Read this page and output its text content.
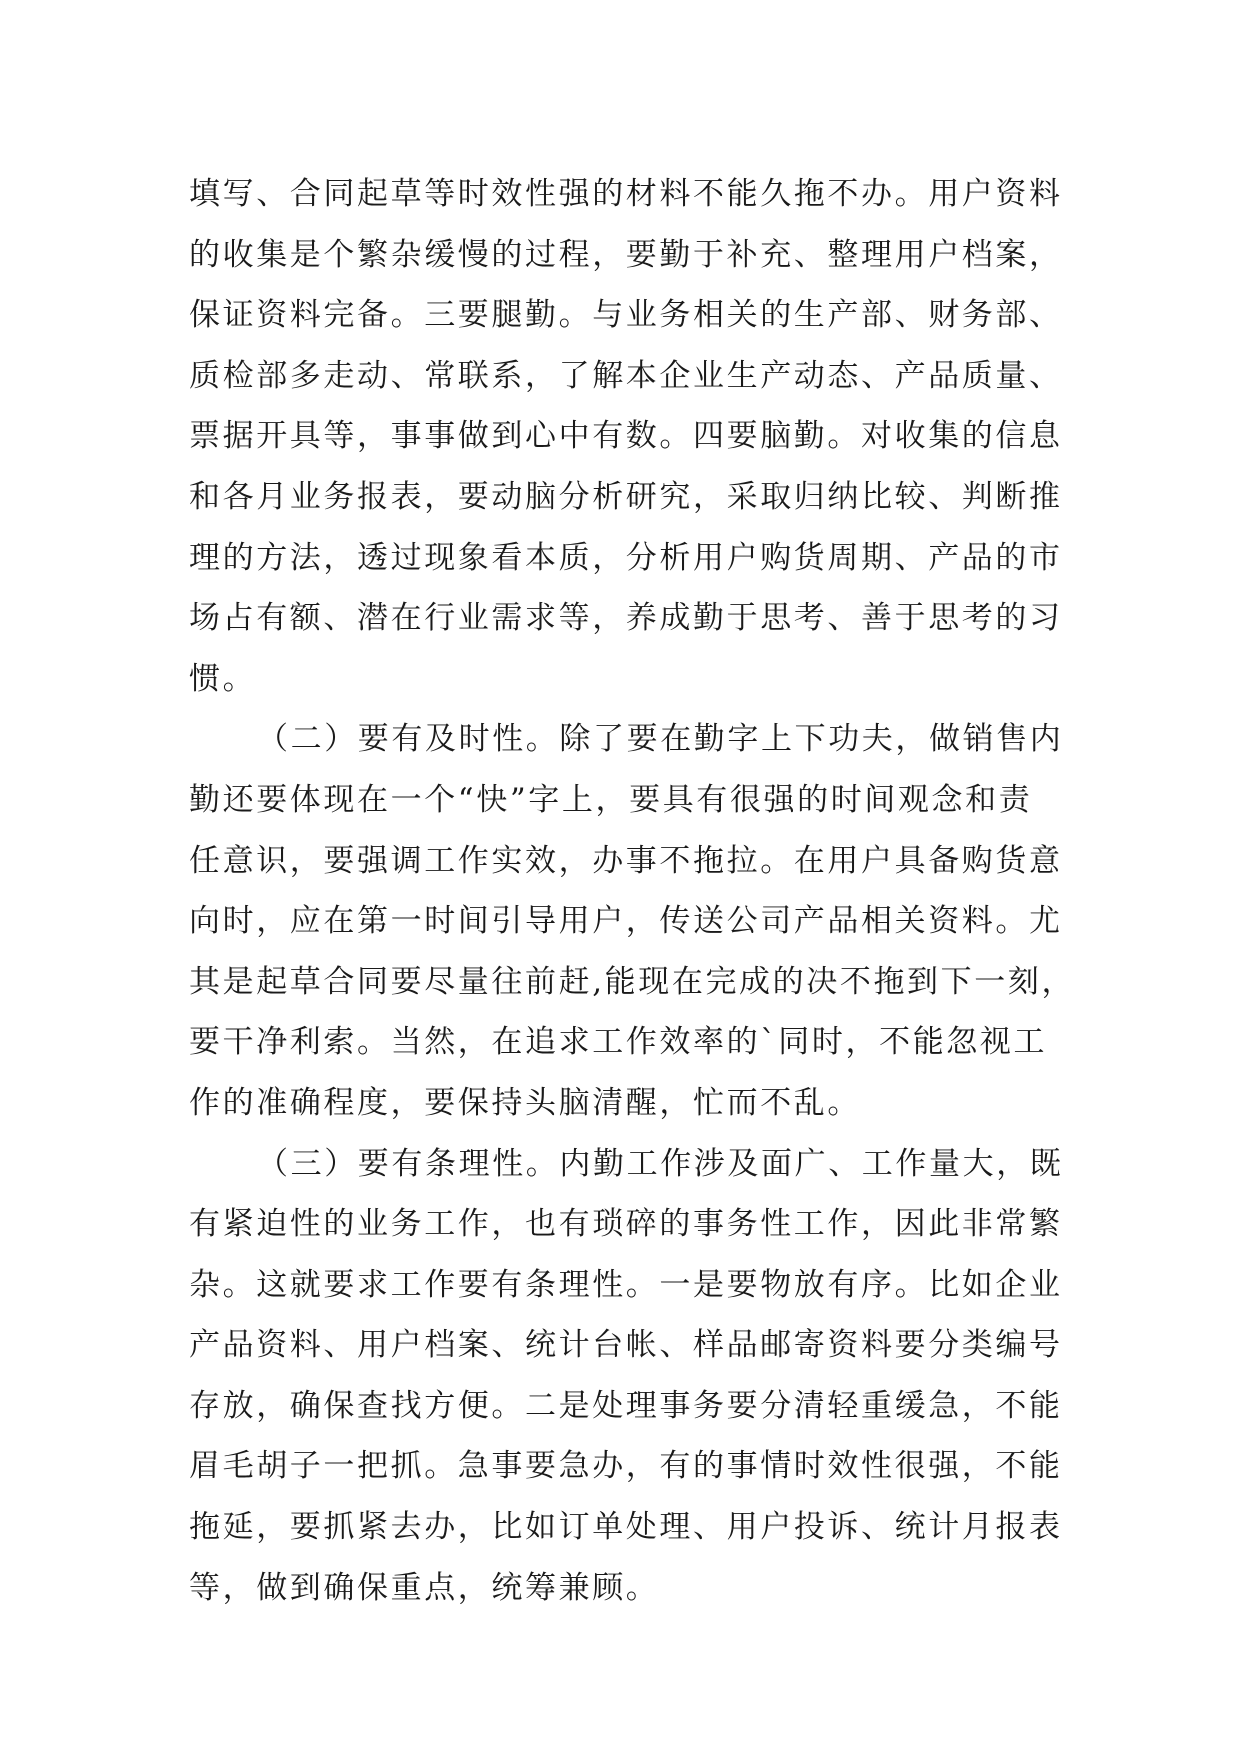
填写、合同起草等时效性强的材料不能久拖不办。用户资料
的收集是个繁杂缓慢的过程，要勤于补充、整理用户档案，
保证资料完备。三要腿勤。与业务相关的生产部、财务部、
质检部多走动、常联系，了解本企业生产动态、产品质量、
票据开具等，事事做到心中有数。四要脑勤。对收集的信息
和各月业务报表，要动脑分析研究，采取归纳比较、判断推
理的方法，透过现象看本质，分析用户购货周期、产品的市
场占有额、潜在行业需求等，养成勤于思考、善于思考的习
惯。
（二）要有及时性。除了要在勤字上下功夫，做销售内
勤还要体现在一个“快”字上，要具有很强的时间观念和责
任意识，要强调工作实效，办事不拖拉。在用户具备购货意
向时，应在第一时间引导用户，传送公司产品相关资料。尤
其是起草合同要尽量往前赶,能现在完成的决不拖到下一刻，
要干净利索。当然，在追求工作效率的`同时，不能忽视工
作的准确程度，要保持头脑清醒，忙而不乱。
（三）要有条理性。内勤工作涉及面广、工作量大，既
有紧迫性的业务工作，也有琐碎的事务性工作，因此非常繁
杂。这就要求工作要有条理性。一是要物放有序。比如企业
产品资料、用户档案、统计台帐、样品邮寄资料要分类编号
存放，确保查找方便。二是处理事务要分清轻重缓急，不能
眉毛胡子一把抓。急事要急办，有的事情时效性很强，不能
拖延，要抓紧去办，比如订单处理、用户投诉、统计月报表
等，做到确保重点，统筹兼顾。
